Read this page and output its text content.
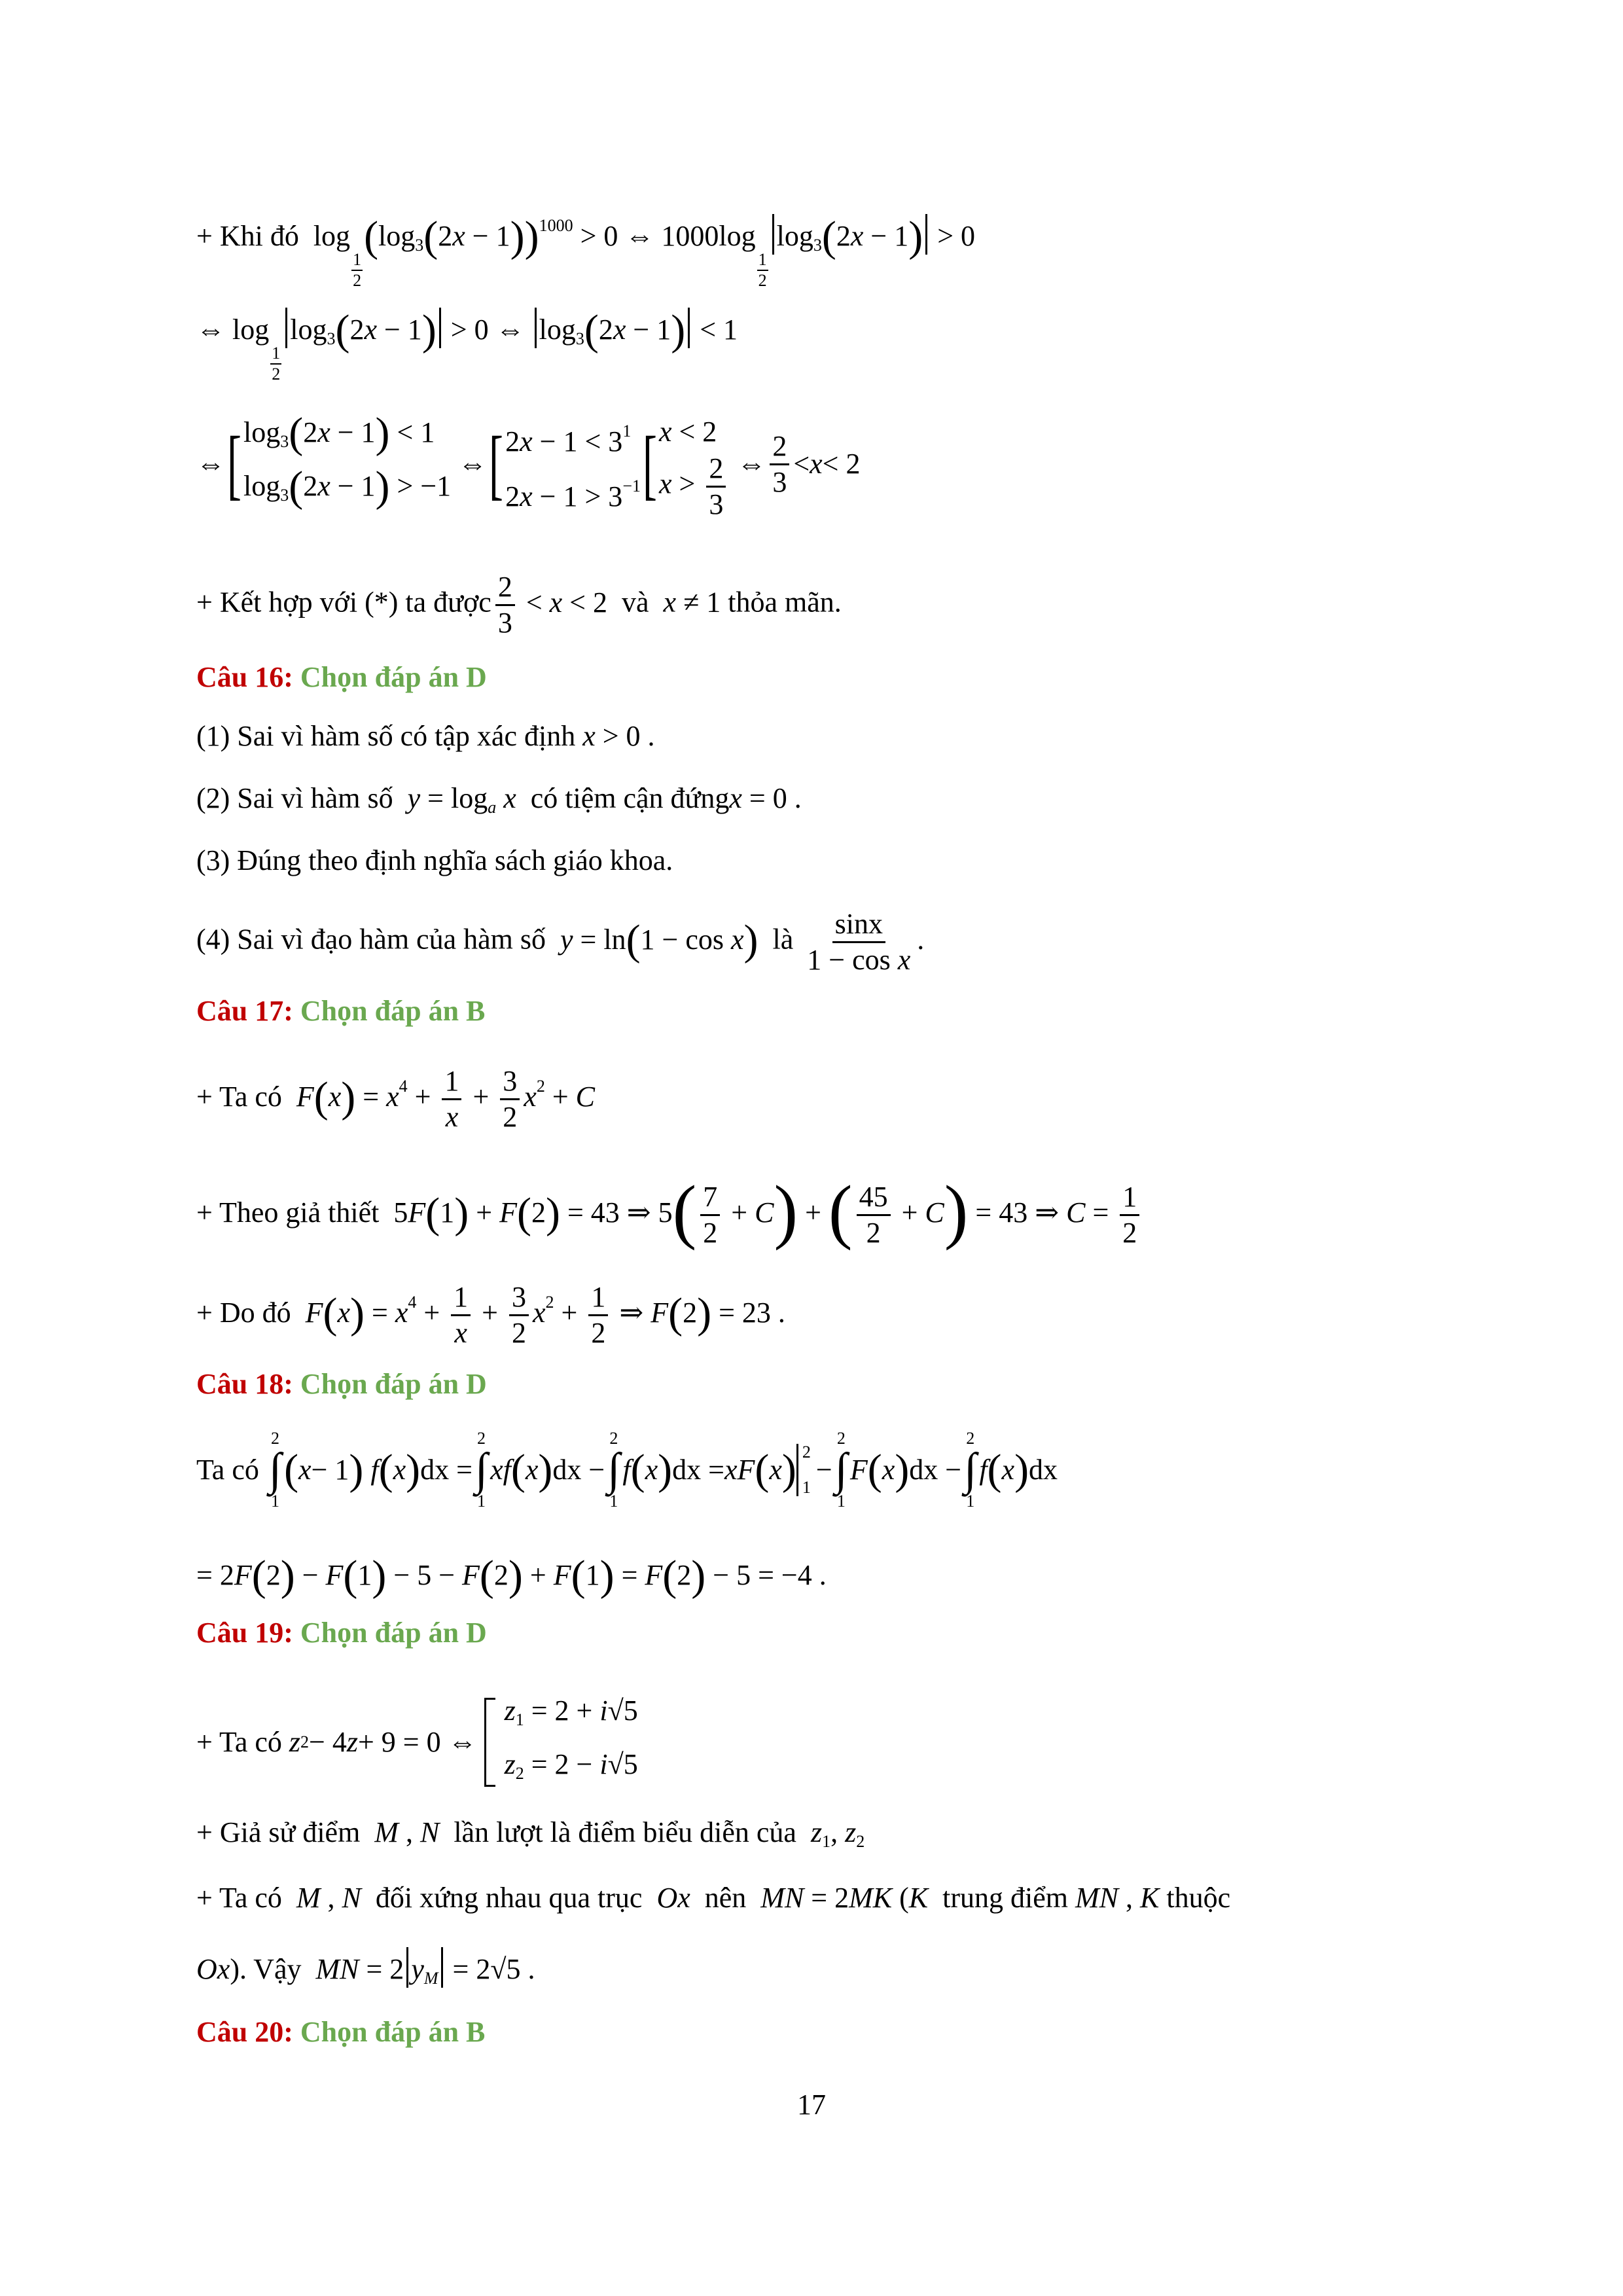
+ Khi đó  log
$\frac{1}{2}$
$(\log_3(2x - 1))^{1000} > 0$ ⇔ 1000log
$\frac{1}{2}$
$\log_3(2x - 1) > 0$
⇔ log
$\frac{1}{2}$
$\log_3(2x - 1) > 0$ ⇔ $\log_3(2x - 1) < 1$
⇔ [ $\log_3(2x - 1) < 1$
$\log_3(2x - 1) > -1$
⇔ [ $2x - 1 < 3^1$
$2x - 1 > 3^{-1}$ [ x < 2
$x > \frac{2}{3}$ ⇔ $\frac{2}{3} < x < 2$
+ Kết hợp với (*) ta được $\frac{2}{3} < x < 2$  và x ≠ 1 thỏa mãn.
Câu 16: Chọn đáp án D
(1) Sai vì hàm số có tập xác định x > 0 .
(2) Sai vì hàm số $y = \log_a x$ có tiệm cận đứngx = 0 .
(3) Đúng theo định nghĩa sách giáo khoa.
(4) Sai vì đạo hàm của hàm số y = ln(1 − cos x) là $\frac{\sin x}{\text{1 − cos x}}$ .
Câu 17: Chọn đáp án B
+ Ta có $F(x) = x^4 + \frac{1}{x} + \frac{3}{2} x^2 + C$
+ Theo giả thiết  5F(1) + F(2) = 43 ⇒ $5( \frac{7}{2} + C)$ + ( $\frac{45}{2} + C) = 43$ ⇒ $C = \frac{1}{2}$
+ Do đó $F(x) = x^4 + \frac{1}{x} + \frac{3}{2} x^2 + \frac{1}{2}$ ⇒ F(2) = 23 .
Câu 18: Chọn đáp án D
Ta có

2
∫
1
( x − 1 )
f ( x ) dx =
2
∫
1
xf ( x ) dx −
2
∫
1
f ( x ) dx = xF ( x ) 2
1
−
2
∫
1
F ( x ) dx −
2
∫
1
f ( x ) dx
= 2F(2) − F(1) − 5 − F(2) + F(1) = F(2) − 5 = −4 .
Câu 19: Chọn đáp án D
+ Ta có
z 2 − 4 z + 9 = 0 ⇔
$z_1 = 2 + i√5$
$z_2 = 2 - i√5$
+ Giả sử điểm M , N lần lượt là điểm biểu diễn của $z_1$, $z_2$
+ Ta có M , N đối xứng nhau qua trục Ox nên MN = 2MK (K trung điểm MN , K thuộc
Ox). Vậy MN = 2 $y_M = 2√5$ .
Câu 20: Chọn đáp án B
17
